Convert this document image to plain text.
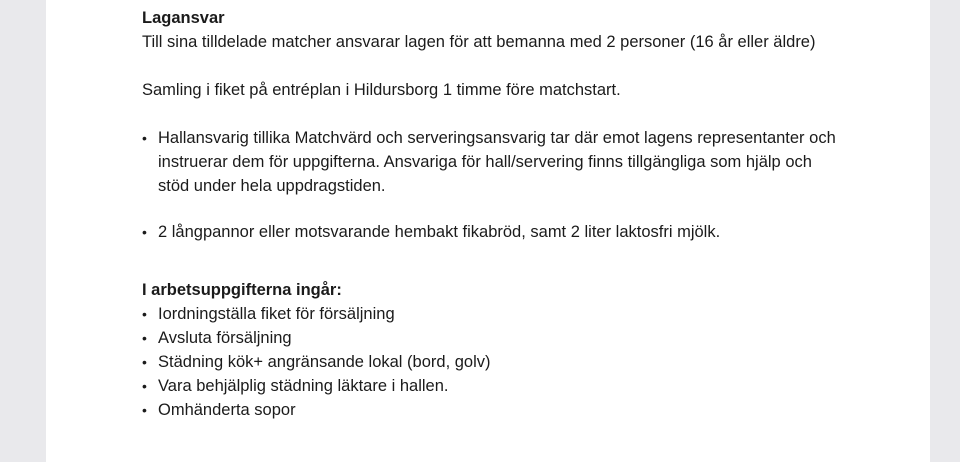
Lagansvar

Till sina tilldelade matcher ansvarar lagen för att bemanna med 2 personer (16 år eller äldre)

Samling i fiket på entréplan i Hildursborg 1 timme före matchstart.

• Hallansvarig tillika Matchvärd och serveringsansvarig tar där emot lagens representanter och instruerar dem för uppgifterna. Ansvariga för hall/servering finns tillgängliga som hjälp och stöd under hela uppdragstiden.
• 2 långpannor eller motsvarande hembakt fikabröd, samt 2 liter laktosfri mjölk.

I arbetsuppgifterna ingår:

• Iordningställa fiket för försäljning
• Avsluta försäljning
• Städning kök+ angränsande lokal (bord, golv)
• Vara behjälplig städning läktare i hallen.
• Omhänderta sopor
